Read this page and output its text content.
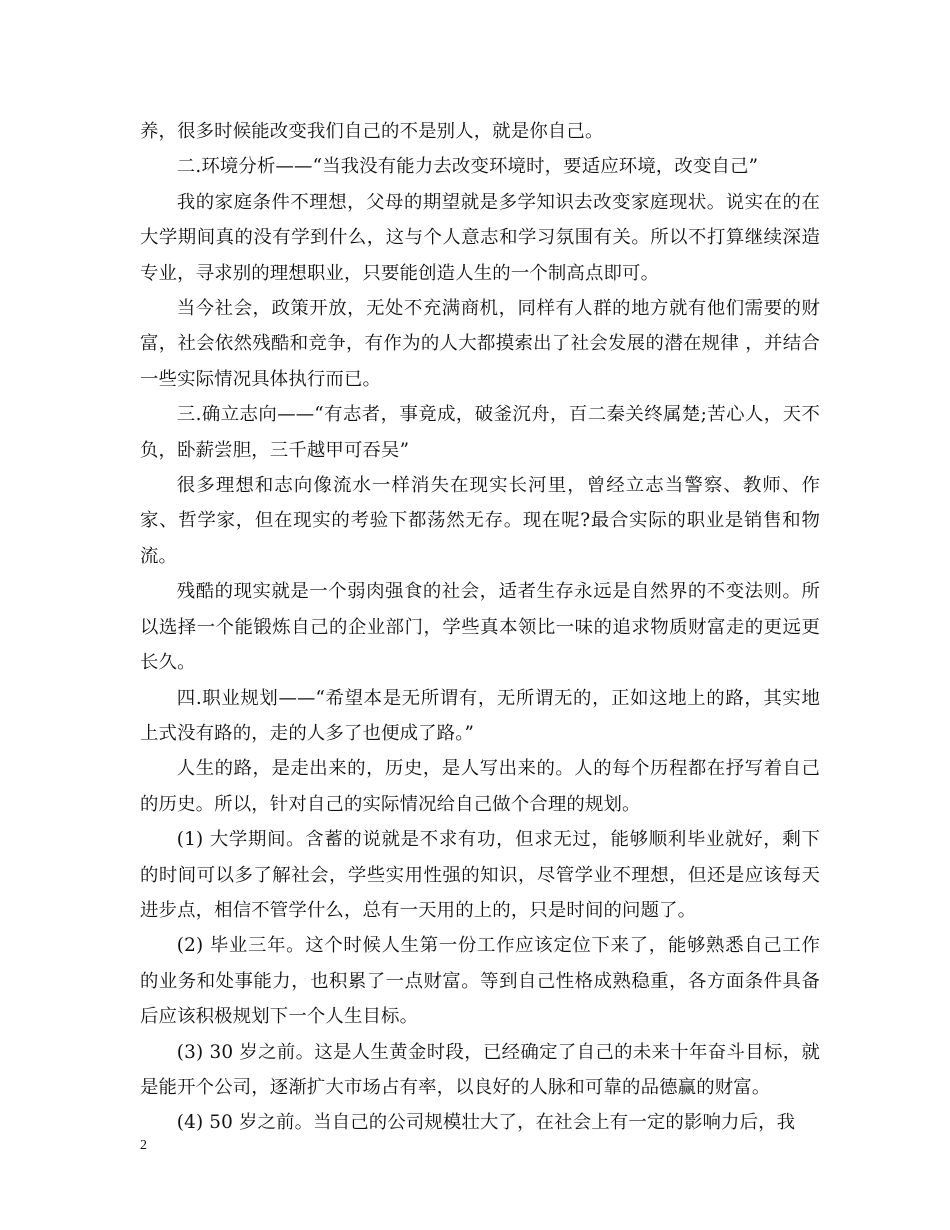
养，很多时候能改变我们自己的不是别人，就是你自己。

二.环境分析——“当我没有能力去改变环境时，要适应环境，改变自己”

我的家庭条件不理想，父母的期望就是多学知识去改变家庭现状。说实在的在大学期间真的没有学到什么，这与个人意志和学习氛围有关。所以不打算继续深造专业，寻求别的理想职业，只要能创造人生的一个制高点即可。

当今社会，政策开放，无处不充满商机，同样有人群的地方就有他们需要的财富，社会依然残酷和竞争，有作为的人大都摸索出了社会发展的潜在规律 ，并结合一些实际情况具体执行而已。

三.确立志向——“有志者，事竟成，破釜沉舟，百二秦关终属楚;苦心人，天不负，卧薪尝胆，三千越甲可吞吴”

很多理想和志向像流水一样消失在现实长河里，曾经立志当警察、教师、作家、哲学家，但在现实的考验下都荡然无存。现在呢?最合实际的职业是销售和物流。

残酷的现实就是一个弱肉强食的社会，适者生存永远是自然界的不变法则。所以选择一个能锻炼自己的企业部门，学些真本领比一味的追求物质财富走的更远更长久。

四.职业规划——“希望本是无所谓有，无所谓无的，正如这地上的路，其实地上式没有路的，走的人多了也便成了路。”

人生的路，是走出来的，历史，是人写出来的。人的每个历程都在抒写着自己的历史。所以，针对自己的实际情况给自己做个合理的规划。

(1) 大学期间。含蓄的说就是不求有功，但求无过，能够顺利毕业就好，剩下的时间可以多了解社会，学些实用性强的知识，尽管学业不理想，但还是应该每天进步点，相信不管学什么，总有一天用的上的，只是时间的问题了。

(2) 毕业三年。这个时候人生第一份工作应该定位下来了，能够熟悉自己工作的业务和处事能力，也积累了一点财富。等到自己性格成熟稳重，各方面条件具备后应该积极规划下一个人生目标。

(3) 30 岁之前。这是人生黄金时段，已经确定了自己的未来十年奋斗目标，就是能开个公司，逐渐扩大市场占有率，以良好的人脉和可靠的品德赢的财富。

(4) 50 岁之前。当自己的公司规模壮大了，在社会上有一定的影响力后，我

2
